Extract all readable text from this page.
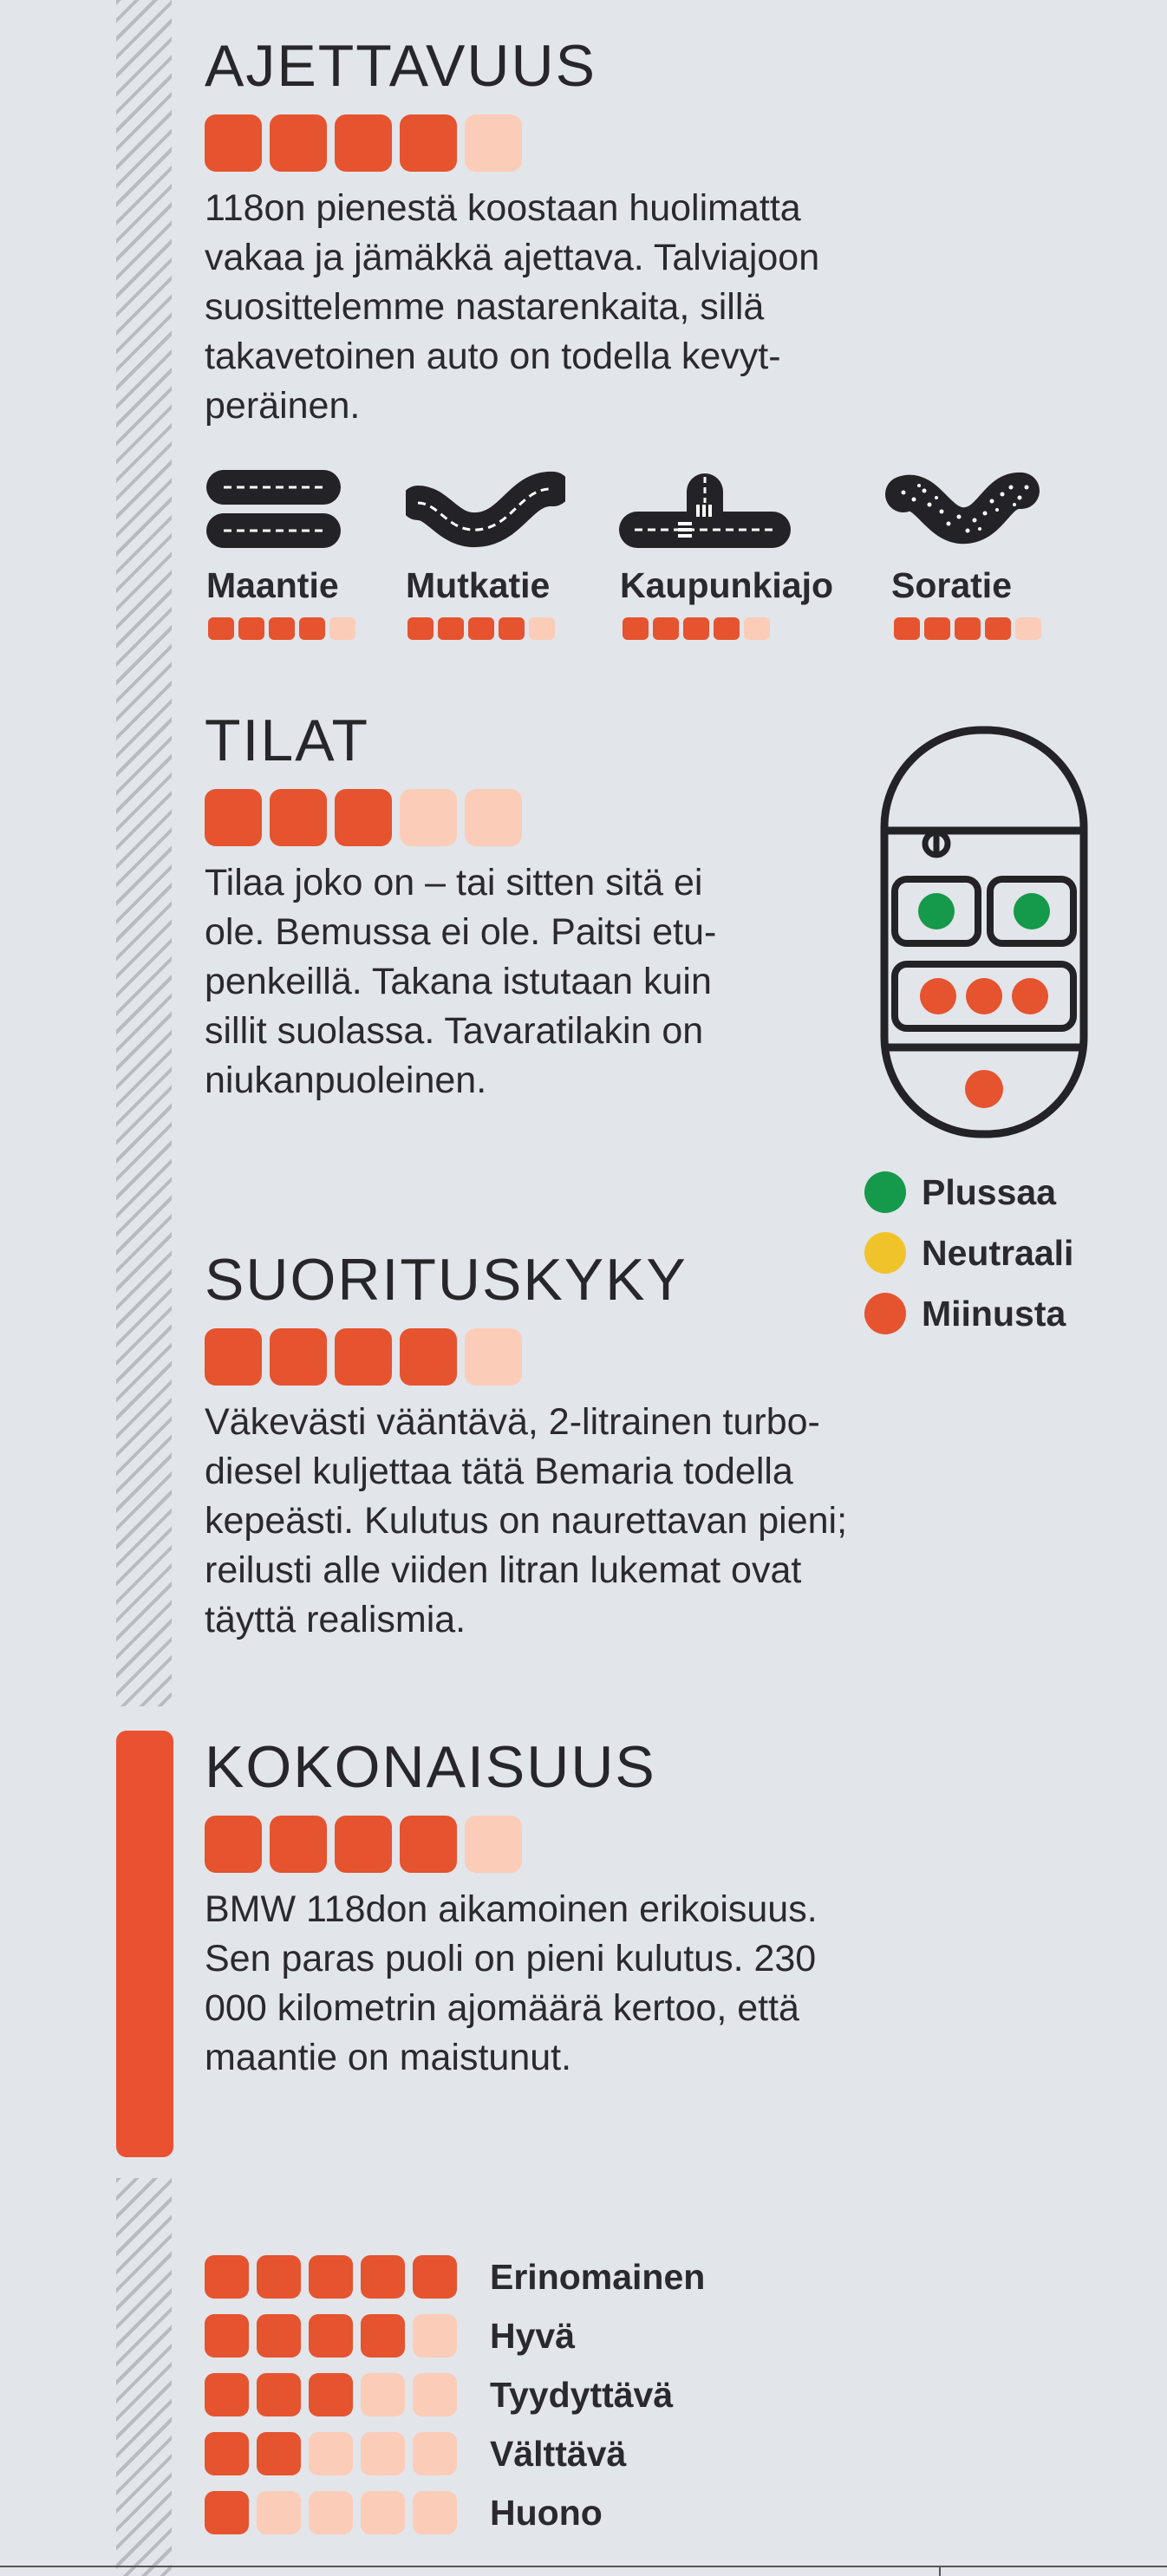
AJETTAVUUS
118on pienestä koostaan huolimatta
vakaa ja jämäkkä ajettava. Talviajoon
suosittelemme nastarenkaita, sillä
takavetoinen auto on todella kevyt-
peräinen.
Maantie Mutkatie Kaupunkiajo Soratie
TILAT
Tilaa joko on – tai sitten sitä ei
ole. Bemussa ei ole. Paitsi etu-
penkeillä. Takana istutaan kuin
sillit suolassa. Tavaratilakin on
niukanpuoleinen.
Plussaa
Neutraali
Miinusta
SUORITUSKYKY
Väkevästi vääntävä, 2-litrainen turbo-
diesel kuljettaa tätä Bemaria todella
kepeästi. Kulutus on naurettavan pieni;
reilusti alle viiden litran lukemat ovat
täyttä realismia.
KOKONAISUUS
BMW 118don aikamoinen erikoisuus.
Sen paras puoli on pieni kulutus. 230
000 kilometrin ajomäärä kertoo, että
maantie on maistunut.
Erinomainen
Hyvä
Tyydyttävä
Välttävä
Huono
